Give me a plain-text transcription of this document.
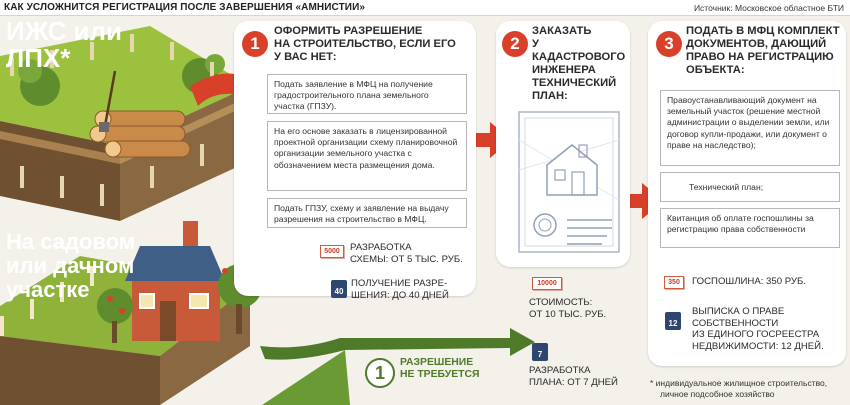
КАК УСЛОЖНИТСЯ РЕГИСТРАЦИЯ ПОСЛЕ ЗАВЕРШЕНИЯ «АМНИСТИИ»	Источник: Московское областное БТИ
ИЖС или
ЛПХ*
На садовом
или дачном
участке
1
ОФОРМИТЬ РАЗРЕШЕНИЕ
НА СТРОИТЕЛЬСТВО, ЕСЛИ ЕГО
У ВАС НЕТ:
Подать заявление в МФЦ на получение градостроительного плана земельного участка (ГПЗУ).
На его основе заказать в лицензированной проектной организации схему планировочной организации земельного участка с обозначением места размещения дома.
Подать ГПЗУ, схему и заявление на выдачу разрешения на строительство в МФЦ.
5000	РАЗРАБОТКА
СХЕМЫ: ОТ 5 ТЫС. РУБ.
40
ПОЛУЧЕНИЕ РАЗРЕ-
ШЕНИЯ: ДО 40 ДНЕЙ
2
ЗАКАЗАТЬ
У КАДАСТРОВОГО
ИНЖЕНЕРА
ТЕХНИЧЕСКИЙ
ПЛАН:
10000
СТОИМОСТЬ:
ОТ 10 ТЫС. РУБ.
7
РАЗРАБОТКА
ПЛАНА: ОТ 7 ДНЕЙ
3
ПОДАТЬ В МФЦ КОМПЛЕКТ
ДОКУМЕНТОВ, ДАЮЩИЙ
ПРАВО НА РЕГИСТРАЦИЮ
ОБЪЕКТА:
Правоустанавливающий документ на земельный участок (решение местной администрации о выделении земли, или договор купли-продажи, или документ о праве на наследство);
Технический план;
Квитанция об оплате госпошлины за регистрацию права собственности
350	ГОСПОШЛИНА: 350 РУБ.
12
ВЫПИСКА О ПРАВЕ
СОБСТВЕННОСТИ
ИЗ ЕДИНОГО ГОСРЕЕСТРА
НЕДВИЖИМОСТИ: 12 ДНЕЙ.
1	РАЗРЕШЕНИЕ
НЕ ТРЕБУЕТСЯ
* индивидуальное жилищное строительство,
личное подсобное хозяйство
